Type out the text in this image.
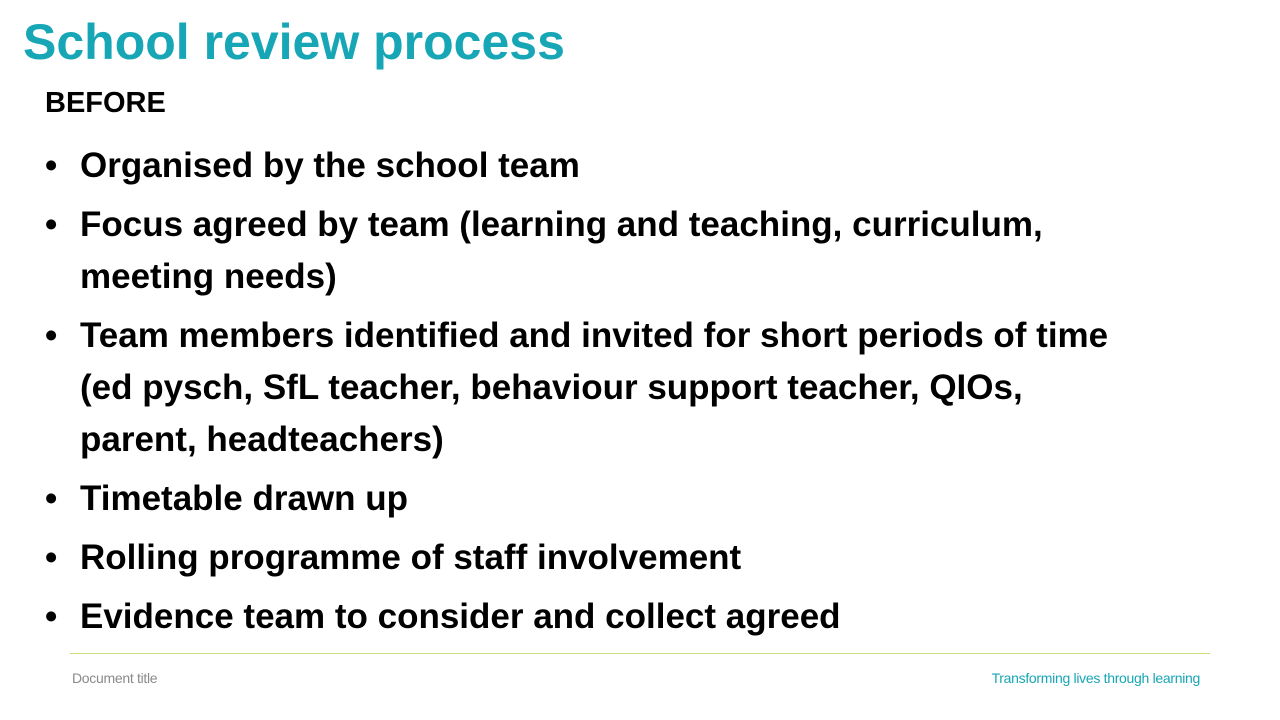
School review process
BEFORE
• Organised by the school team
• Focus agreed by team (learning and teaching, curriculum, meeting needs)
• Team members identified and invited for short periods of time (ed pysch, SfL teacher, behaviour support teacher, QIOs, parent, headteachers)
• Timetable drawn up
• Rolling programme of staff involvement
• Evidence team to consider and collect agreed
Document title	Transforming lives through learning
